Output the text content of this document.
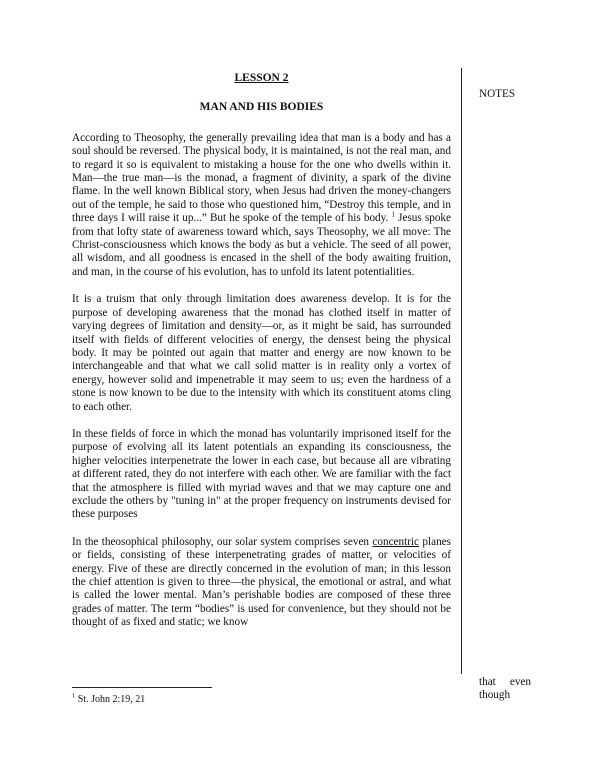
LESSON 2
MAN AND HIS BODIES

According to Theosophy, the generally prevailing idea that man is a body and has a soul should be reversed. The physical body, it is maintained, is not the real man, and to regard it so is equivalent to mistaking a house for the one who dwells within it. Man—the true man—is the monad, a fragment of divinity, a spark of the divine flame. In the well known Biblical story, when Jesus had driven the money-changers out of the temple, he said to those who questioned him, “Destroy this temple, and in three days I will raise it up...” But he spoke of the temple of his body. $^1$ Jesus spoke from that lofty state of awareness toward which, says Theosophy, we all move: The Christ-consciousness which knows the body as but a vehicle. The seed of all power, all wisdom, and all goodness is encased in the shell of the body awaiting fruition, and man, in the course of his evolution, has to unfold its latent potentialities.

It is a truism that only through limitation does awareness develop. It is for the purpose of developing awareness that the monad has clothed itself in matter of varying degrees of limitation and density—or, as it might be said, has surrounded itself with fields of different velocities of energy, the densest being the physical body. It may be pointed out again that matter and energy are now known to be interchangeable and that what we call solid matter is in reality only a vortex of energy, however solid and impenetrable it may seem to us; even the hardness of a stone is now known to be due to the intensity with which its constituent atoms cling to each other.

In these fields of force in which the monad has voluntarily imprisoned itself for the purpose of evolving all its latent potentials an expanding its consciousness, the higher velocities interpenetrate the lower in each case, but because all are vibrating at different rated, they do not interfere with each other. We are familiar with the fact that the atmosphere is filled with myriad waves and that we may capture one and exclude the others by "tuning in" at the proper frequency on instruments devised for these purposes

In the theosophical philosophy, our solar system comprises seven concentric planes or fields, consisting of these interpenetrating grades of matter, or velocities of energy. Five of these are directly concerned in the evolution of man; in this lesson the chief attention is given to three—the physical, the emotional or astral, and what is called the lower mental. Man’s perishable bodies are composed of these three grades of matter. The term “bodies” is used for convenience, but they should not be thought of as fixed and static; we know

NOTES
that even
though
$^1$ St. John 2:19, 21
